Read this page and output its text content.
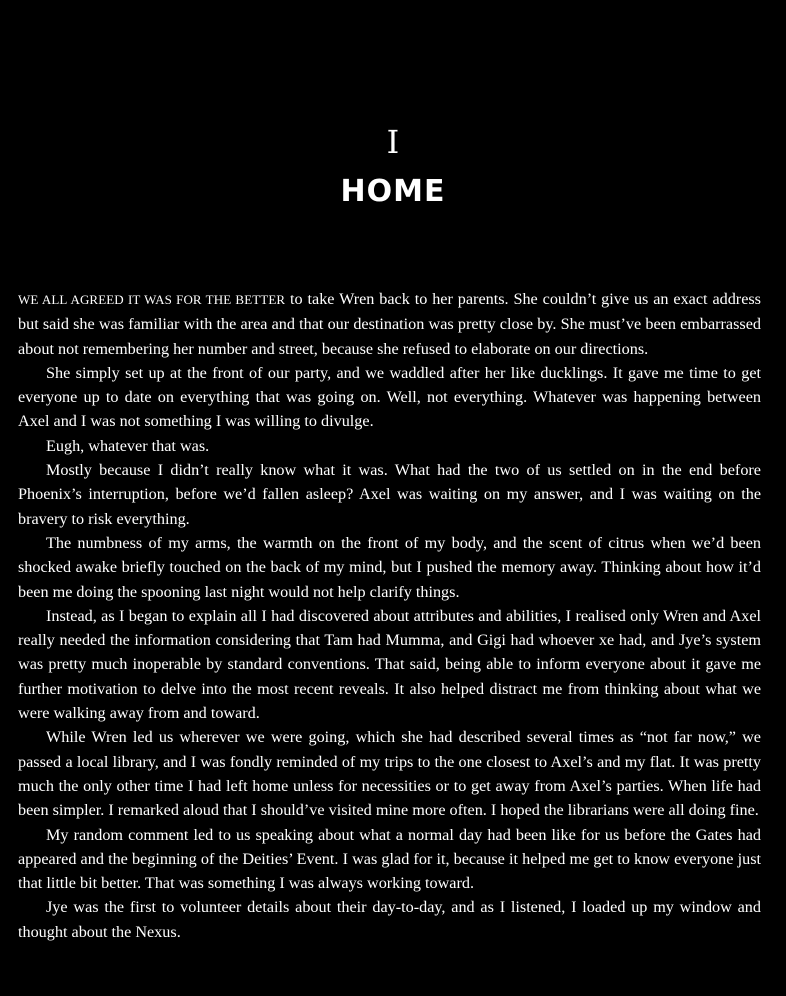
I
HOME

WE ALL AGREED IT WAS FOR THE BETTER to take Wren back to her parents. She couldn’t give us an exact address but said she was familiar with the area and that our destination was pretty close by. She must’ve been embarrassed about not remembering her number and street, because she refused to elaborate on our directions.

She simply set up at the front of our party, and we waddled after her like ducklings. It gave me time to get everyone up to date on everything that was going on. Well, not everything. Whatever was happening between Axel and I was not something I was willing to divulge.

Eugh, whatever that was.

Mostly because I didn’t really know what it was. What had the two of us settled on in the end before Phoenix’s interruption, before we’d fallen asleep? Axel was waiting on my answer, and I was waiting on the bravery to risk everything.

The numbness of my arms, the warmth on the front of my body, and the scent of citrus when we’d been shocked awake briefly touched on the back of my mind, but I pushed the memory away. Thinking about how it’d been me doing the spooning last night would not help clarify things.

Instead, as I began to explain all I had discovered about attributes and abilities, I realised only Wren and Axel really needed the information considering that Tam had Mumma, and Gigi had whoever xe had, and Jye’s system was pretty much inoperable by standard conventions. That said, being able to inform everyone about it gave me further motivation to delve into the most recent reveals. It also helped distract me from thinking about what we were walking away from and toward.

While Wren led us wherever we were going, which she had described several times as “not far now,” we passed a local library, and I was fondly reminded of my trips to the one closest to Axel’s and my flat. It was pretty much the only other time I had left home unless for necessities or to get away from Axel’s parties. When life had been simpler. I remarked aloud that I should’ve visited mine more often. I hoped the librarians were all doing fine.

My random comment led to us speaking about what a normal day had been like for us before the Gates had appeared and the beginning of the Deities’ Event. I was glad for it, because it helped me get to know everyone just that little bit better. That was something I was always working toward.

Jye was the first to volunteer details about their day-to-day, and as I listened, I loaded up my window and thought about the Nexus.
